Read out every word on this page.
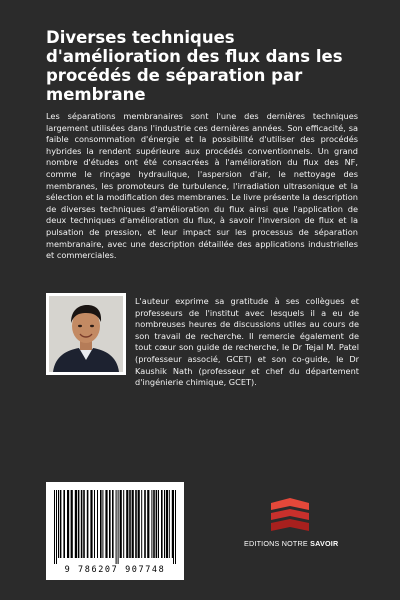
Diverses techniques d'amélioration des flux dans les procédés de séparation par membrane

Les séparations membranaires sont l'une des dernières techniques largement utilisées dans l'industrie ces dernières années. Son efficacité, sa faible consommation d'énergie et la possibilité d'utiliser des procédés hybrides la rendent supérieure aux procédés conventionnels. Un grand nombre d'études ont été consacrées à l'amélioration du flux des NF, comme le rinçage hydraulique, l'aspersion d'air, le nettoyage des membranes, les promoteurs de turbulence, l'irradiation ultrasonique et la sélection et la modification des membranes. Le livre présente la description de diverses techniques d'amélioration du flux ainsi que l'application de deux techniques d'amélioration du flux, à savoir l'inversion de flux et la pulsation de pression, et leur impact sur les processus de séparation membranaire, avec une description détaillée des applications industrielles et commerciales.

L'auteur exprime sa gratitude à ses collègues et professeurs de l'institut avec lesquels il a eu de nombreuses heures de discussions utiles au cours de son travail de recherche. Il remercie également de tout cœur son guide de recherche, le Dr Tejal M. Patel (professeur associé, GCET) et son co-guide, le Dr Kaushik Nath (professeur et chef du département d'ingénierie chimique, GCET).

9 786207 907748
EDITIONS NOTRE SAVOIR
